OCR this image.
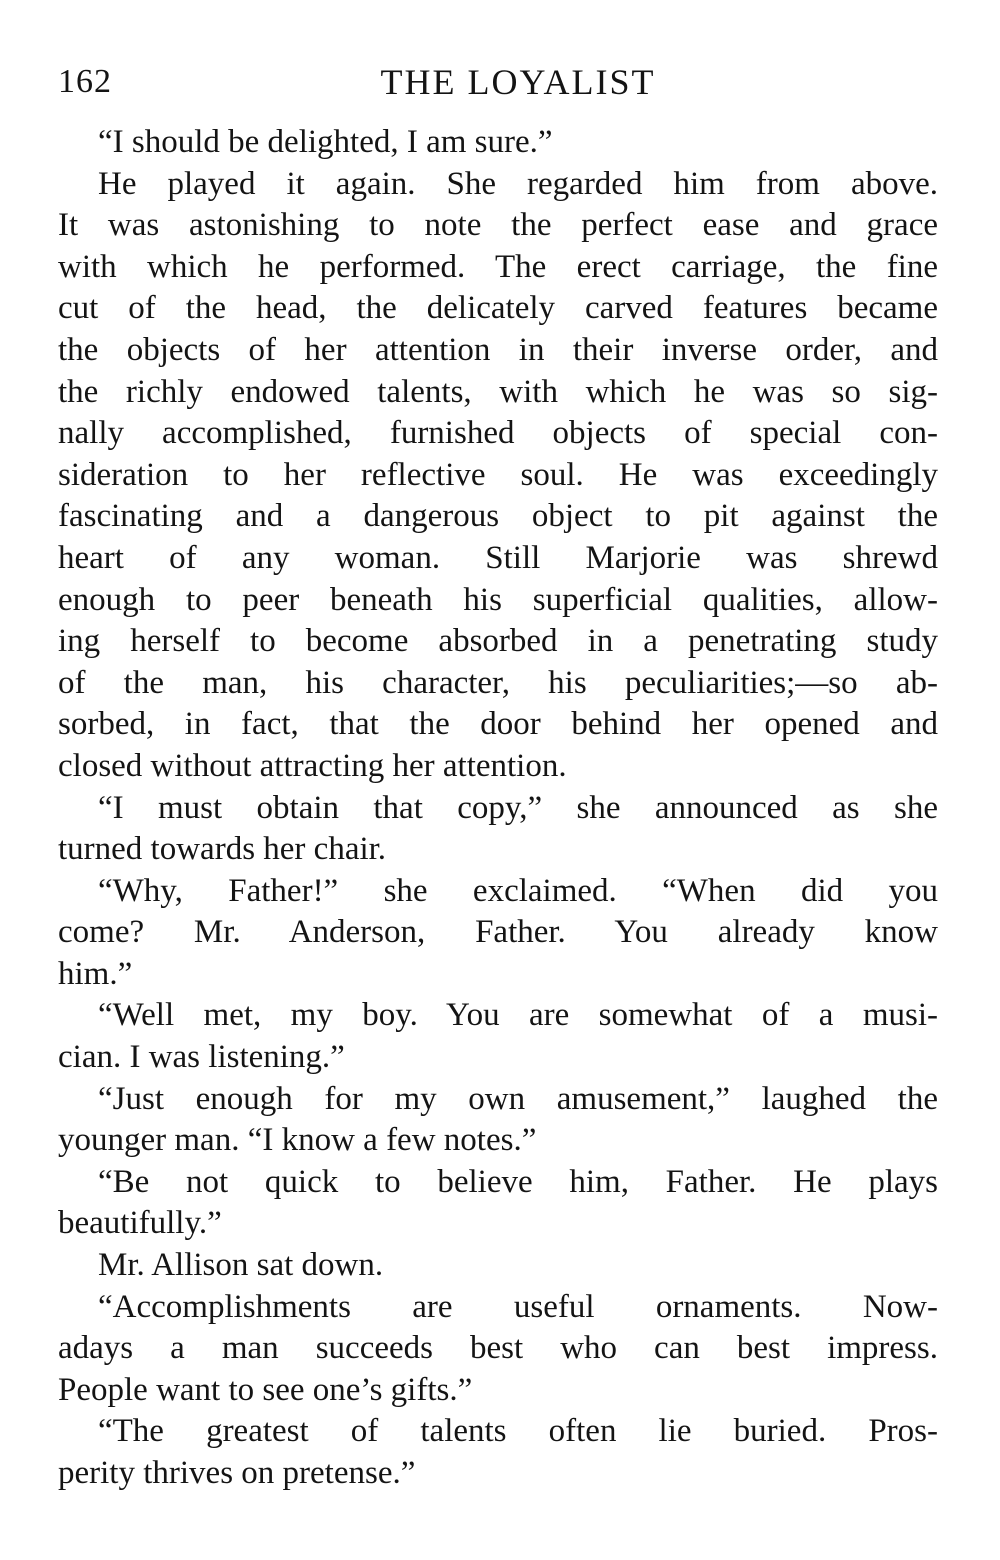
162	THE LOYALIST

“I should be delighted, I am sure.”

He played it again. She regarded him from above.
It was astonishing to note the perfect ease and grace
with which he performed. The erect carriage, the fine
cut of the head, the delicately carved features became
the objects of her attention in their inverse order, and
the richly endowed talents, with which he was so sig-
nally accomplished, furnished objects of special con-
sideration to her reflective soul. He was exceedingly
fascinating and a dangerous object to pit against the
heart of any woman. Still Marjorie was shrewd
enough to peer beneath his superficial qualities, allow-
ing herself to become absorbed in a penetrating study
of the man, his character, his peculiarities;—so ab-
sorbed, in fact, that the door behind her opened and
closed without attracting her attention.

“I must obtain that copy,” she announced as she
turned towards her chair.

“Why, Father!” she exclaimed. “When did you
come? Mr. Anderson, Father. You already know
him.”

“Well met, my boy. You are somewhat of a musi-
cian. I was listening.”

“Just enough for my own amusement,” laughed the
younger man. “I know a few notes.”

“Be not quick to believe him, Father. He plays
beautifully.”

Mr. Allison sat down.

“Accomplishments are useful ornaments. Now-
adays a man succeeds best who can best impress.
People want to see one’s gifts.”

“The greatest of talents often lie buried. Pros-
perity thrives on pretense.”
